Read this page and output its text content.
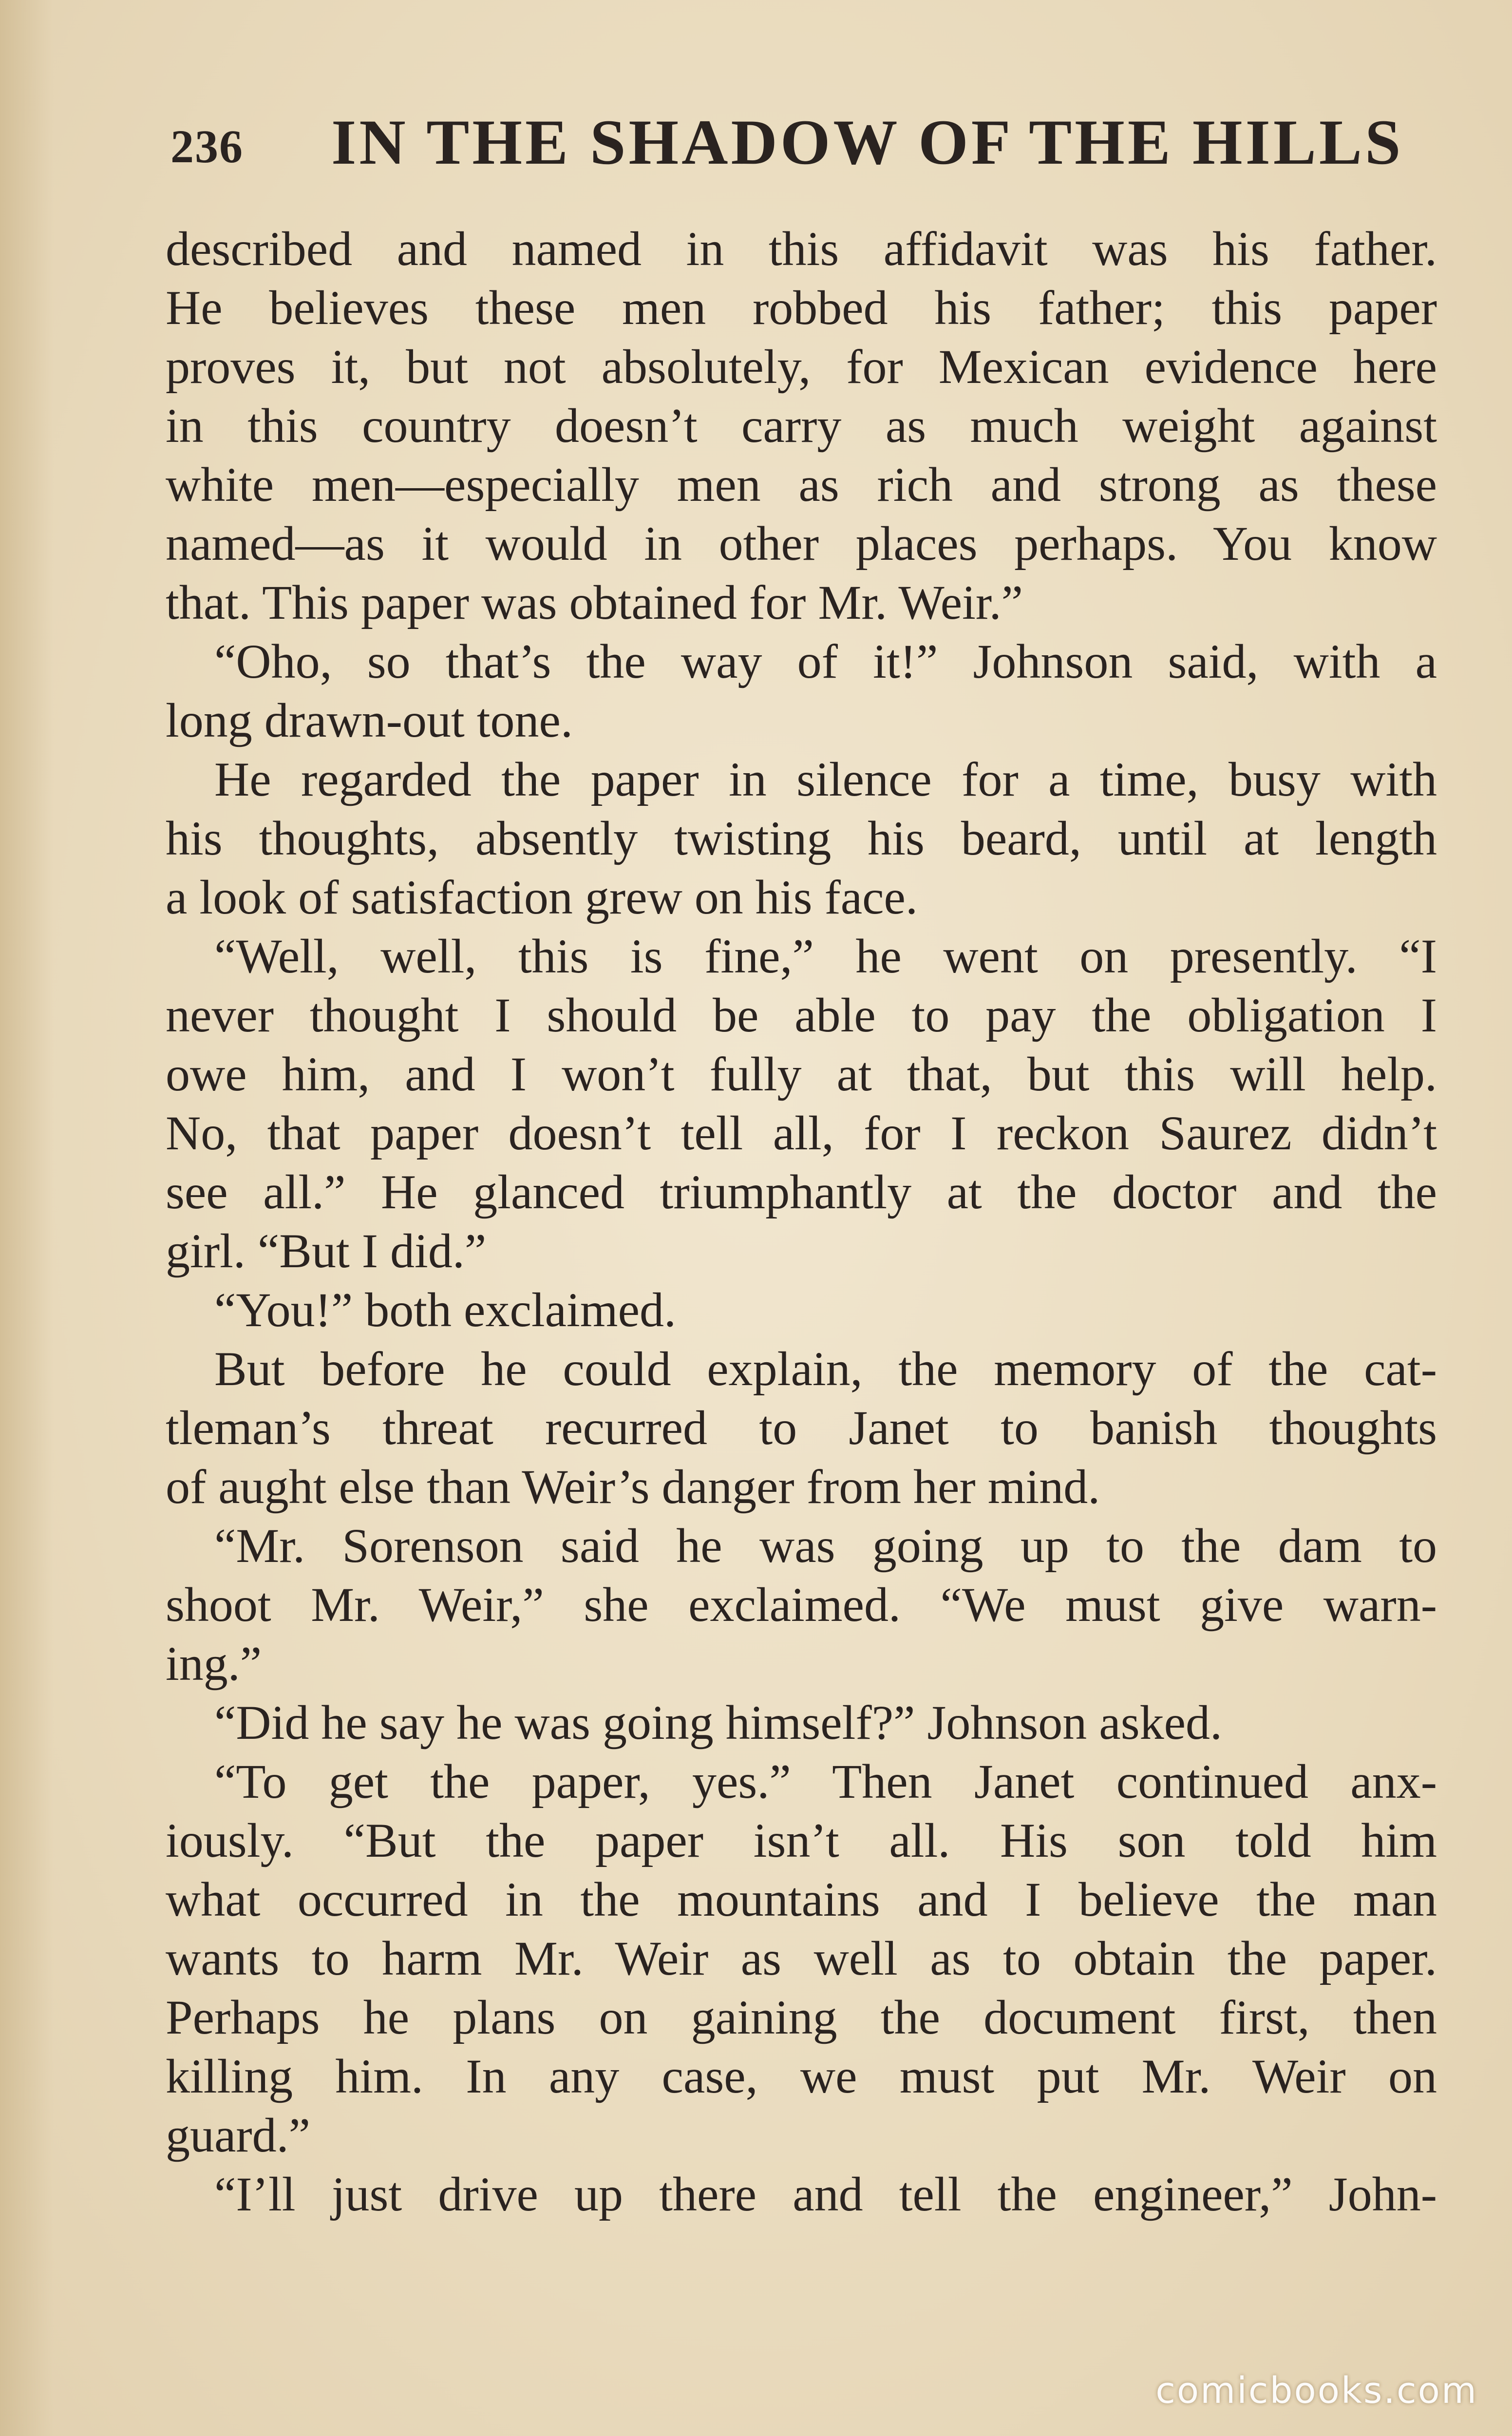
236 IN THE SHADOW OF THE HILLS
described and named in this affidavit was his father.
He believes these men robbed his father; this paper
proves it, but not absolutely, for Mexican evidence here
in this country doesn’t carry as much weight against
white men—especially men as rich and strong as these
named—as it would in other places perhaps. You know
that. This paper was obtained for Mr. Weir.”
“Oho, so that’s the way of it!” Johnson said, with a
long drawn-out tone.
He regarded the paper in silence for a time, busy with
his thoughts, absently twisting his beard, until at length
a look of satisfaction grew on his face.
“Well, well, this is fine,” he went on presently. “I
never thought I should be able to pay the obligation I
owe him, and I won’t fully at that, but this will help.
No, that paper doesn’t tell all, for I reckon Saurez didn’t
see all.” He glanced triumphantly at the doctor and the
girl. “But I did.”
“You!” both exclaimed.
But before he could explain, the memory of the cat-
tleman’s threat recurred to Janet to banish thoughts
of aught else than Weir’s danger from her mind.
“Mr. Sorenson said he was going up to the dam to
shoot Mr. Weir,” she exclaimed. “We must give warn-
ing.”
“Did he say he was going himself?” Johnson asked.
“To get the paper, yes.” Then Janet continued anx-
iously. “But the paper isn’t all. His son told him
what occurred in the mountains and I believe the man
wants to harm Mr. Weir as well as to obtain the paper.
Perhaps he plans on gaining the document first, then
killing him. In any case, we must put Mr. Weir on
guard.”
“I’ll just drive up there and tell the engineer,” John-
comicbooks.com
